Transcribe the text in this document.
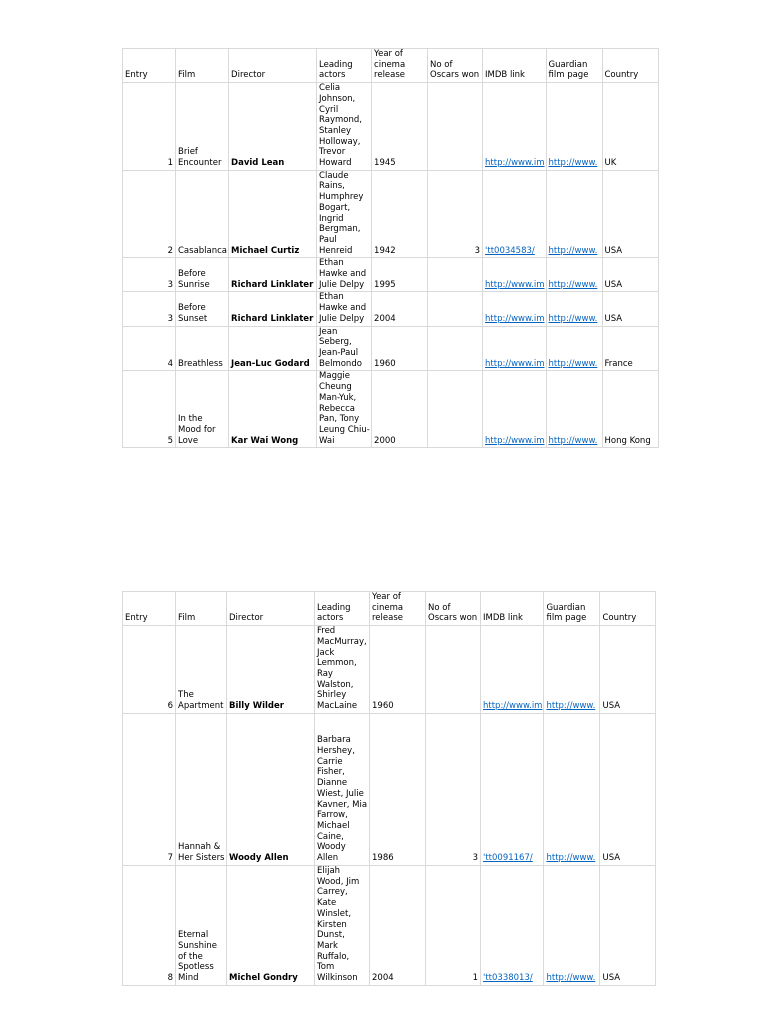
Entry	Film	Director	Leading actors	Year of cinema release	No of Oscars won	IMDB link	Guardian film page	Country
1	Brief Encounter	David Lean	Celia Johnson, Cyril Raymond, Stanley Holloway, Trevor Howard	1945		http://www.im	http://www.	UK
2	Casablanca	Michael Curtiz	Claude Rains, Humphrey Bogart, Ingrid Bergman, Paul Henreid	1942	3	'tt0034583/	http://www.	USA
3	Before Sunrise	Richard Linklater	Ethan Hawke and Julie Delpy	1995		http://www.im	http://www.	USA
3	Before Sunset	Richard Linklater	Ethan Hawke and Julie Delpy	2004		http://www.im	http://www.	USA
4	Breathless	Jean-Luc Godard	Jean Seberg, Jean-Paul Belmondo	1960		http://www.im	http://www.	France
5	In the Mood for Love	Kar Wai Wong	Maggie Cheung Man-Yuk, Rebecca Pan, Tony Leung Chiu-Wai	2000		http://www.im	http://www.	Hong Kong
Entry	Film	Director	Leading actors	Year of cinema release	No of Oscars won	IMDB link	Guardian film page	Country
6	The Apartment	Billy Wilder	Fred MacMurray, Jack Lemmon, Ray Walston, Shirley MacLaine	1960		http://www.im	http://www.	USA
7	Hannah & Her Sisters	Woody Allen	Barbara Hershey, Carrie Fisher, Dianne Wiest, Julie Kavner, Mia Farrow, Michael Caine, Woody Allen	1986	3	'tt0091167/	http://www.	USA
8	Eternal Sunshine of the Spotless Mind	Michel Gondry	Elijah Wood, Jim Carrey, Kate Winslet, Kirsten Dunst, Mark Ruffalo, Tom Wilkinson	2004	1	'tt0338013/	http://www.	USA
